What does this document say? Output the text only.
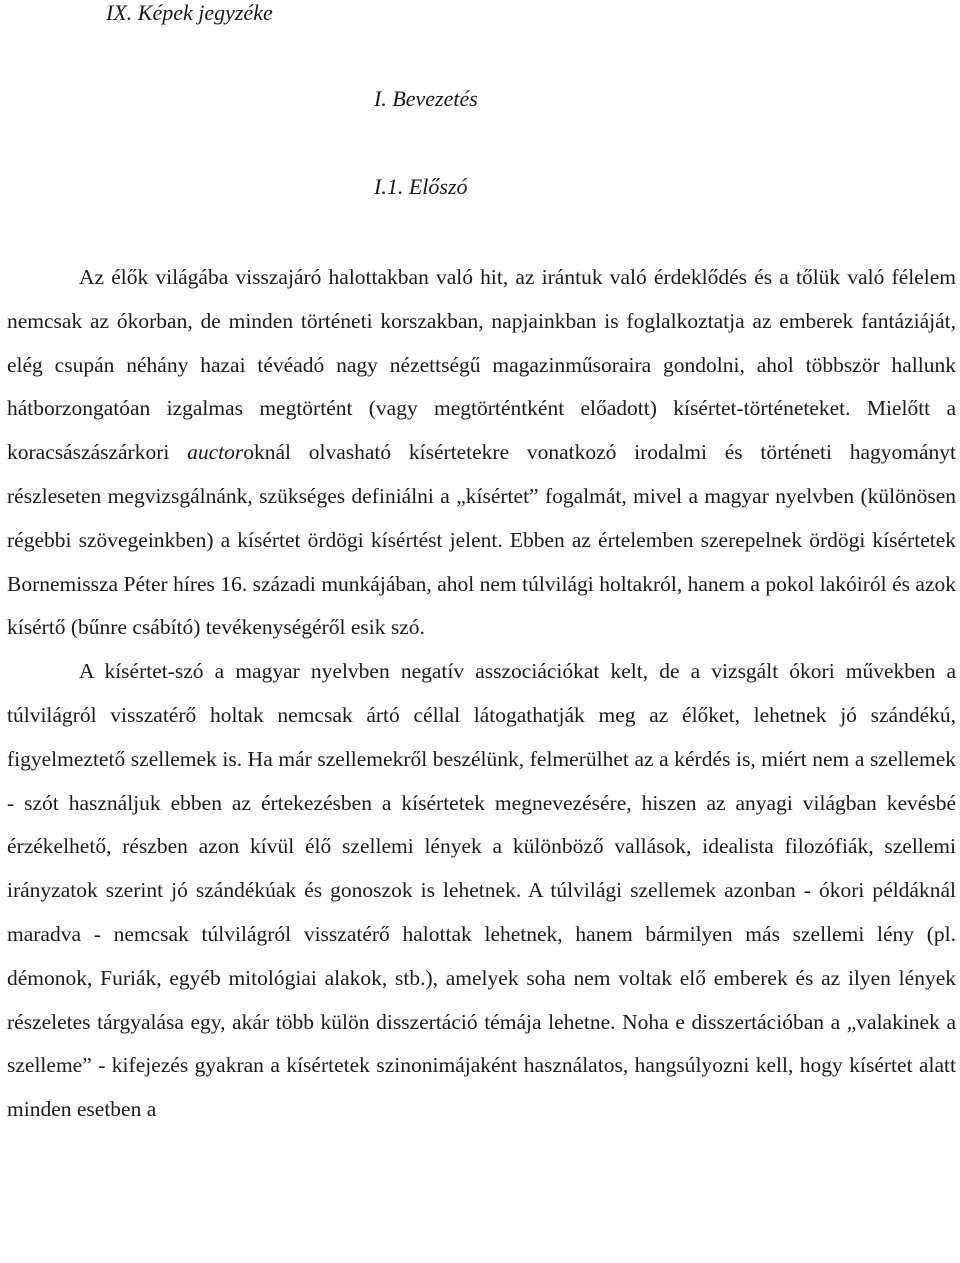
IX. Képek jegyzéke
I. Bevezetés
I.1. Előszó

Az élők világába visszajáró halottakban való hit, az irántuk való érdeklődés és a tőlük való félelem nemcsak az ókorban, de minden történeti korszakban, napjainkban is foglalkoztatja az emberek fantáziáját, elég csupán néhány hazai tévéadó nagy nézettségű magazinműsoraira gondolni, ahol többször hallunk hátborzongatóan izgalmas megtörtént (vagy megtörténtként előadott) kísértet-történeteket. Mielőtt a koracsászászárkori auctoroknál olvasható kísértetekre vonatkozó irodalmi és történeti hagyományt részleseten megvizsgálnánk, szükséges definiálni a „kísértet” fogalmát, mivel a magyar nyelvben (különösen régebbi szövegeinkben) a kísértet ördögi kísértést jelent. Ebben az értelemben szerepelnek ördögi kísértetek Bornemissza Péter híres 16. századi munkájában, ahol nem túlvilági holtakról, hanem a pokol lakóiról és azok kísértő (bűnre csábító) tevékenységéről esik szó.

A kísértet-szó a magyar nyelvben negatív asszociációkat kelt, de a vizsgált ókori művekben a túlvilágról visszatérő holtak nemcsak ártó céllal látogathatják meg az élőket, lehetnek jó szándékú, figyelmeztető szellemek is. Ha már szellemekről beszélünk, felmerülhet az a kérdés is, miért nem a szellemek - szót használjuk ebben az értekezésben a kísértetek megnevezésére, hiszen az anyagi világban kevésbé érzékelhető, részben azon kívül élő szellemi lények a különböző vallások, idealista filozófiák, szellemi irányzatok szerint jó szándékúak és gonoszok is lehetnek. A túlvilági szellemek azonban - ókori példáknál maradva - nemcsak túlvilágról visszatérő halottak lehetnek, hanem bármilyen más szellemi lény (pl. démonok, Furiák, egyéb mitológiai alakok, stb.), amelyek soha nem voltak elő emberek és az ilyen lények részeletes tárgyalása egy, akár több külön disszertáció témája lehetne. Noha e disszertációban a „valakinek a szelleme” - kifejezés gyakran a kísértetek szinonimájaként használatos, hangsúlyozni kell, hogy kísértet alatt minden esetben a
